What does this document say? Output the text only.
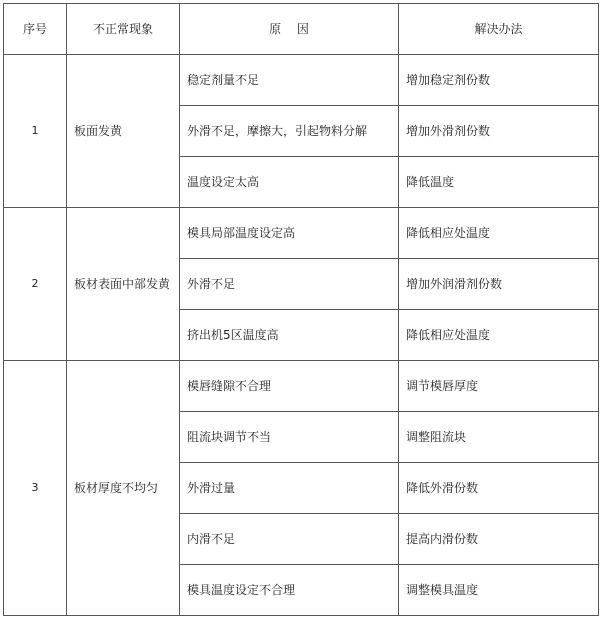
序号	不正常现象	原　 因	解决办法
1	板面发黄	稳定剂量不足	增加稳定剂份数
		外滑不足，摩擦大，引起物料分解	增加外滑剂份数
		温度设定太高	降低温度
2	板材表面中部发黄	模具局部温度设定高	降低相应处温度
		外滑不足	增加外润滑剂份数
		挤出机5区温度高	降低相应处温度
3	板材厚度不均匀	模唇缝隙不合理	调节模唇厚度
		阻流块调节不当	调整阻流块
		外滑过量	降低外滑份数
		内滑不足	提高内滑份数
		模具温度设定不合理	调整模具温度
